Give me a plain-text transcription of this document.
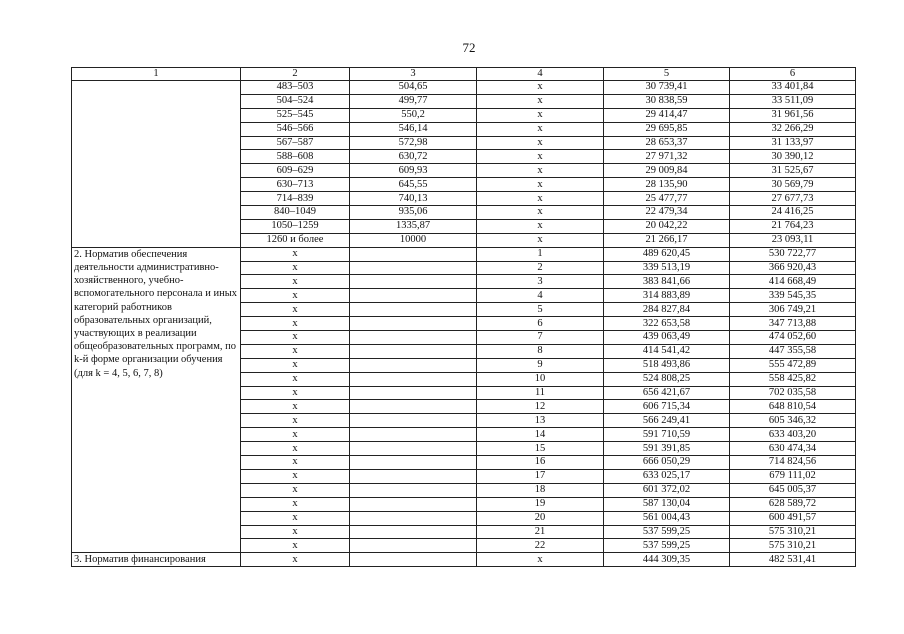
72
1	2	3	4	5	6
	483–503	504,65	x	30 739,41	33 401,84
	504–524	499,77	x	30 838,59	33 511,09
	525–545	550,2	x	29 414,47	31 961,56
	546–566	546,14	x	29 695,85	32 266,29
	567–587	572,98	x	28 653,37	31 133,97
	588–608	630,72	x	27 971,32	30 390,12
	609–629	609,93	x	29 009,84	31 525,67
	630–713	645,55	x	28 135,90	30 569,79
	714–839	740,13	x	25 477,77	27 677,73
	840–1049	935,06	x	22 479,34	24 416,25
	1050–1259	1335,87	x	20 042,22	21 764,23
	1260 и более	10000	x	21 266,17	23 093,11
2. Норматив обеспечения деятельности административно-хозяйственного, учебно-вспомогательного персонала и иных категорий работников образовательных организаций, участвующих в реализации общеобразовательных программ, по k-й форме организации обучения (для k = 4, 5, 6, 7, 8)	x		1	489 620,45	530 722,77
	x		2	339 513,19	366 920,43
	x		3	383 841,66	414 668,49
	x		4	314 883,89	339 545,35
	x		5	284 827,84	306 749,21
	x		6	322 653,58	347 713,88
	x		7	439 063,49	474 052,60
	x		8	414 541,42	447 355,58
	x		9	518 493,86	555 472,89
	x		10	524 808,25	558 425,82
	x		11	656 421,67	702 035,58
	x		12	606 715,34	648 810,54
	x		13	566 249,41	605 346,32
	x		14	591 710,59	633 403,20
	x		15	591 391,85	630 474,34
	x		16	666 050,29	714 824,56
	x		17	633 025,17	679 111,02
	x		18	601 372,02	645 005,37
	x		19	587 130,04	628 589,72
	x		20	561 004,43	600 491,57
	x		21	537 599,25	575 310,21
	x		22	537 599,25	575 310,21
3. Норматив финансирования	x		x	444 309,35	482 531,41
